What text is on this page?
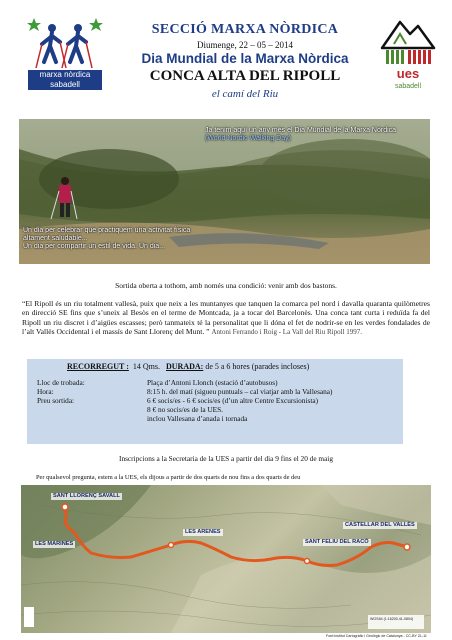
marxa nòrdica
sabadell
ues
sabadell
SECCIÓ MARXA NÒRDICA
Diumenge, 22 – 05 – 2014
Dia Mundial de la Marxa Nòrdica
CONCA ALTA DEL RIPOLL
el camí del Riu
Ja tenim aquí un any més el Dia Mundial de la Marxa Nòrdica
(World Nordic Walking Day)
Un dia per celebrar que practiquem una activitat física
altament saludable...
Un dia per compartir un estil de vida. Un dia...
Sortida oberta a tothom, amb només una condició: venir amb dos bastons.
“El Ripoll és un riu totalment vallesà, puix que neix a les muntanyes que tanquen la comarca pel nord i davalla quaranta quilòmetres en direcció SE fins que s’uneix al Besòs en el terme de Montcada, ja a tocar del Barcelonès. Una conca tant curta i reduïda fa del Ripoll un riu discret i d’aigües escasses; però tanmateix té la personalitat que li dóna el fet de nodrir-se en les verdes fondalades de l’alt Vallès Occidental i el massís de Sant Llorenç del Munt. ” Antoni Ferrando i Roig - La Vall del Riu Ripoll 1997.
RECORREGUT : 14 Qms. DURADA: de 5 a 6 hores (parades incloses)
Lloc de trobada:	Plaça d’Antoni Llonch (estació d’autobusos)
Hora:	8:15 h. del matí (sigueu puntuals – cal viatjar amb la Vallesana)
Preu sortida:	6 € socis/es - 6 € socis/es (d’un altre Centre Excursionista)
8 € no socis/es de la UES.
inclou Vallesana d’anada i tornada
Inscripcions a la Secretaria de la UES a partir del dia 9 fins el 20 de maig
Per qualsevol pregunta, estem a la UES, els dijous a partir de dos quarts de nou fins a dos quarts de deu
SANT LLORENÇ SAVALL
LES MARINES
LES ARENES
SANT FELIU DEL RACÓ
CASTELLAR DEL VALLÈS
WGS84 (1:16200.41-0804)
Font:Institut Cartogràfic i Geològic de Catalunya - CC-BY ZL-11
